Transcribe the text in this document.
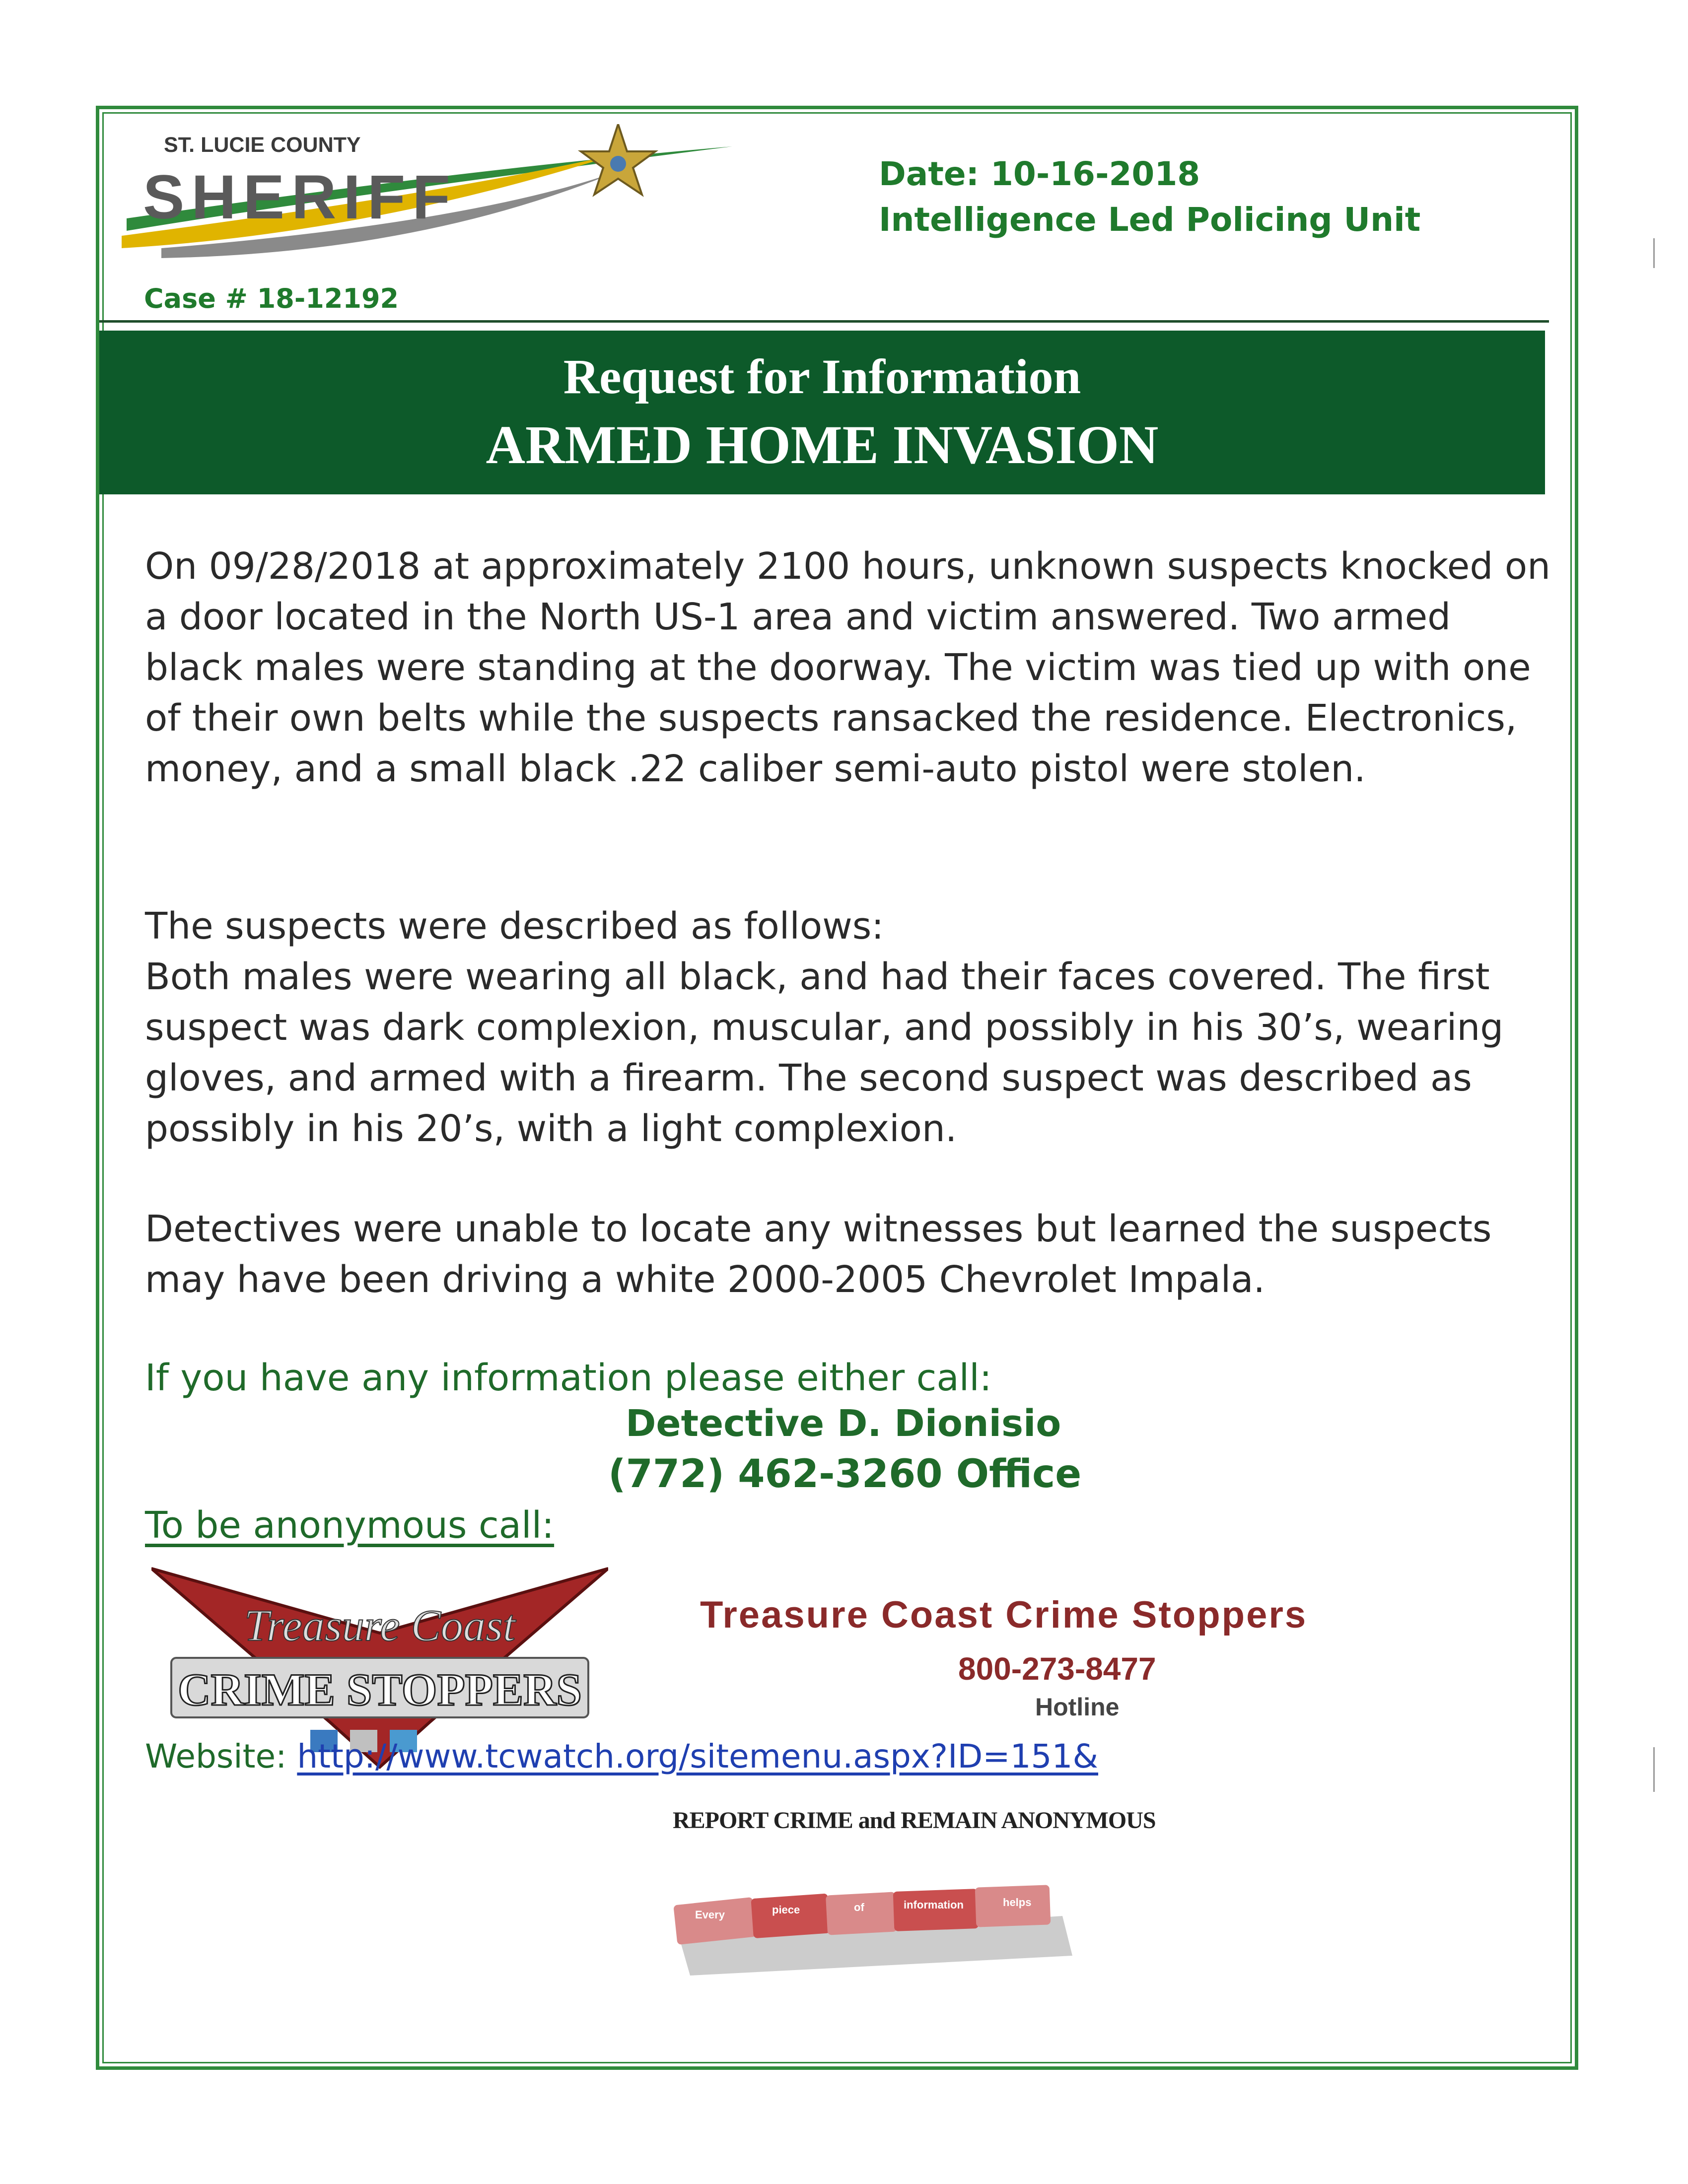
ST. LUCIE COUNTY
SHERIFF	Date: 10-16-2018
Intelligence Led Policing Unit
Case # 18-12192
Request for Information
ARMED HOME INVASION

On 09/28/2018 at approximately 2100 hours, unknown suspects knocked on a door located in the North US-1 area and victim answered. Two armed black males were standing at the doorway. The victim was tied up with one of their own belts while the suspects ransacked the residence. Electronics, money, and a small black .22 caliber semi-auto pistol were stolen.

The suspects were described as follows:
Both males were wearing all black, and had their faces covered. The first suspect was dark complexion, muscular, and possibly in his 30’s, wearing gloves, and armed with a firearm. The second suspect was described as possibly in his 20’s, with a light complexion.

Detectives were unable to locate any witnesses but learned the suspects may have been driving a white 2000-2005 Chevrolet Impala.

If you have any information please either call:
Detective D. Dionisio
(772) 462-3260 Office
To be anonymous call:
Treasure Coast
CRIME STOPPERS
Treasure Coast Crime Stoppers
800-273-8477
Hotline
Website: http://www.tcwatch.org/sitemenu.aspx?ID=151&
REPORT CRIME and REMAIN ANONYMOUS
Every	piece	of	information	helps
